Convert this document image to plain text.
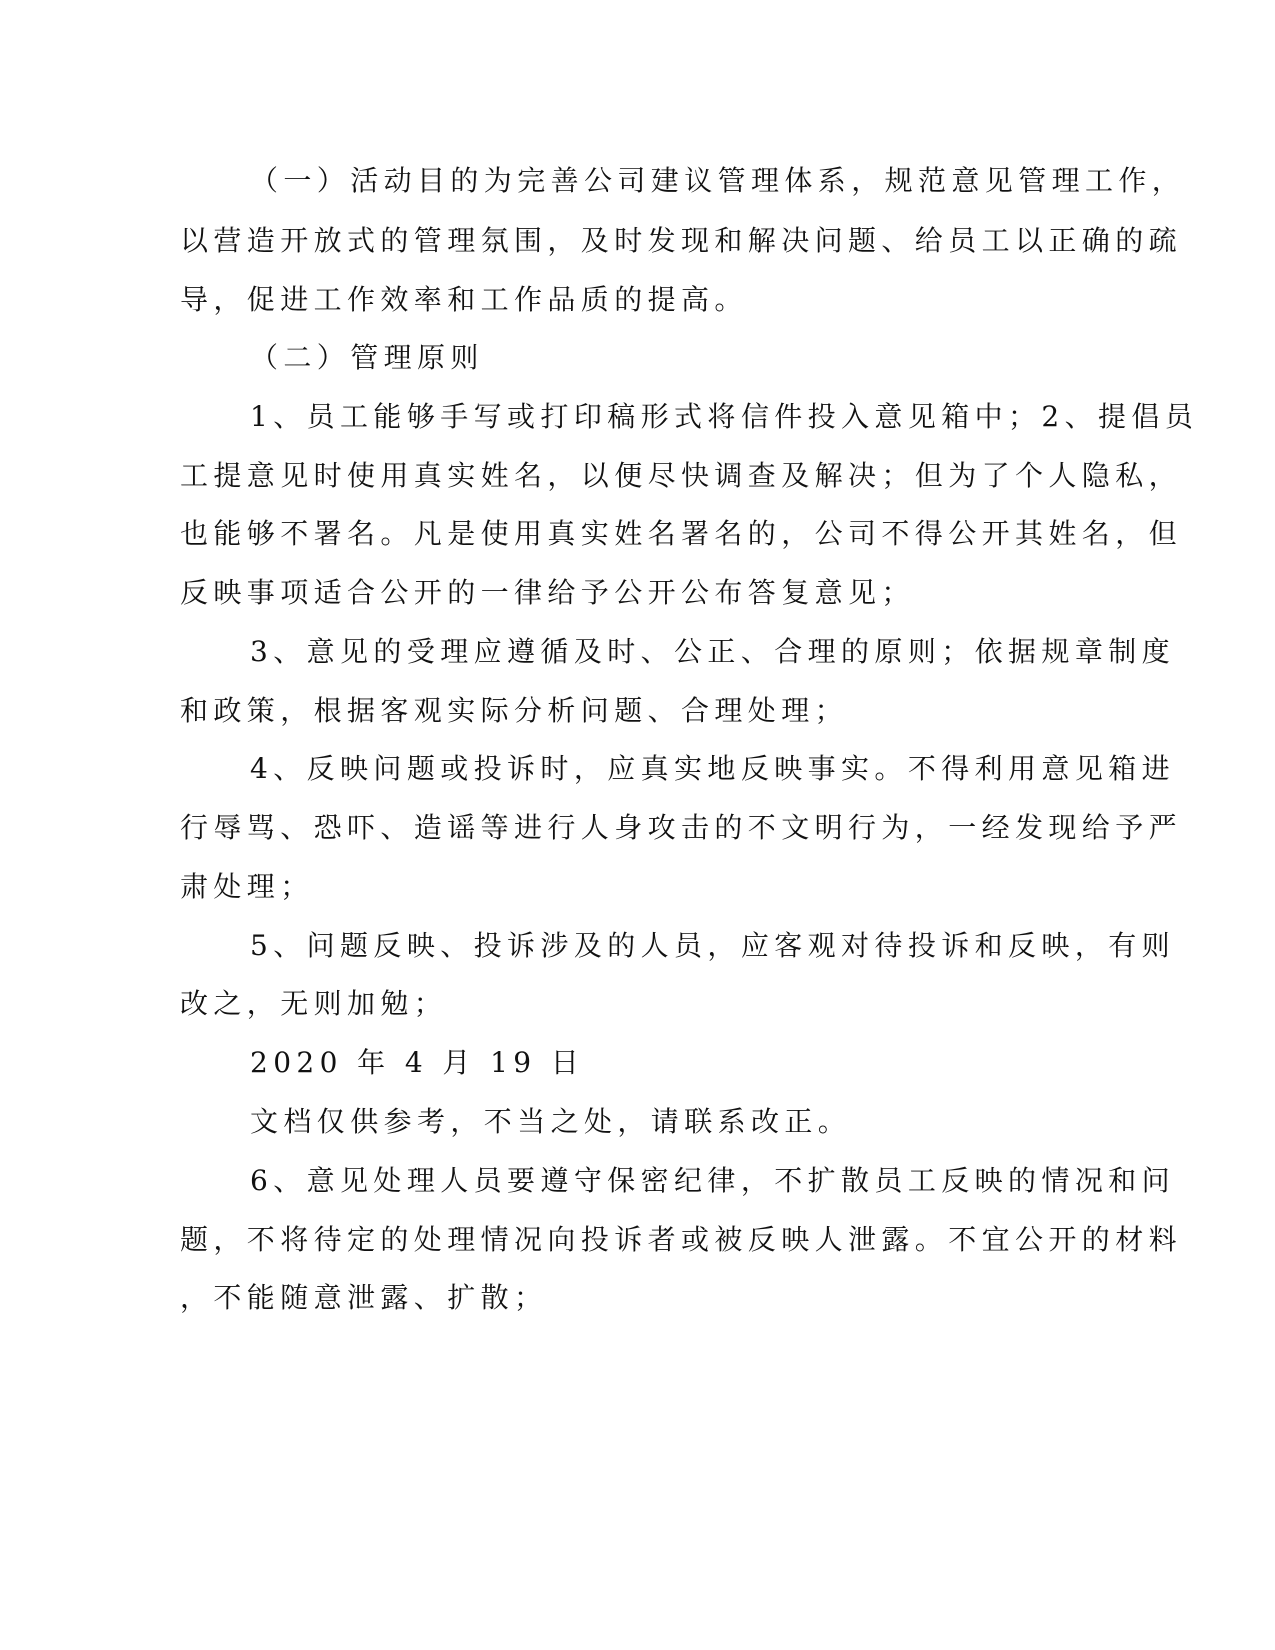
（一）活动目的为完善公司建议管理体系，规范意见管理工作，
以营造开放式的管理氛围，及时发现和解决问题、给员工以正确的疏
导，促进工作效率和工作品质的提高。
（二）管理原则
1、员工能够手写或打印稿形式将信件投入意见箱中；2、提倡员
工提意见时使用真实姓名，以便尽快调查及解决；但为了个人隐私，
也能够不署名。凡是使用真实姓名署名的，公司不得公开其姓名，但
反映事项适合公开的一律给予公开公布答复意见；
3、意见的受理应遵循及时、公正、合理的原则；依据规章制度
和政策，根据客观实际分析问题、合理处理；
4、反映问题或投诉时，应真实地反映事实。不得利用意见箱进
行辱骂、恐吓、造谣等进行人身攻击的不文明行为，一经发现给予严
肃处理；
5、问题反映、投诉涉及的人员，应客观对待投诉和反映，有则
改之，无则加勉；
2020 年 4 月 19 日
文档仅供参考，不当之处，请联系改正。
6、意见处理人员要遵守保密纪律，不扩散员工反映的情况和问
题，不将待定的处理情况向投诉者或被反映人泄露。不宜公开的材料
，不能随意泄露、扩散；
